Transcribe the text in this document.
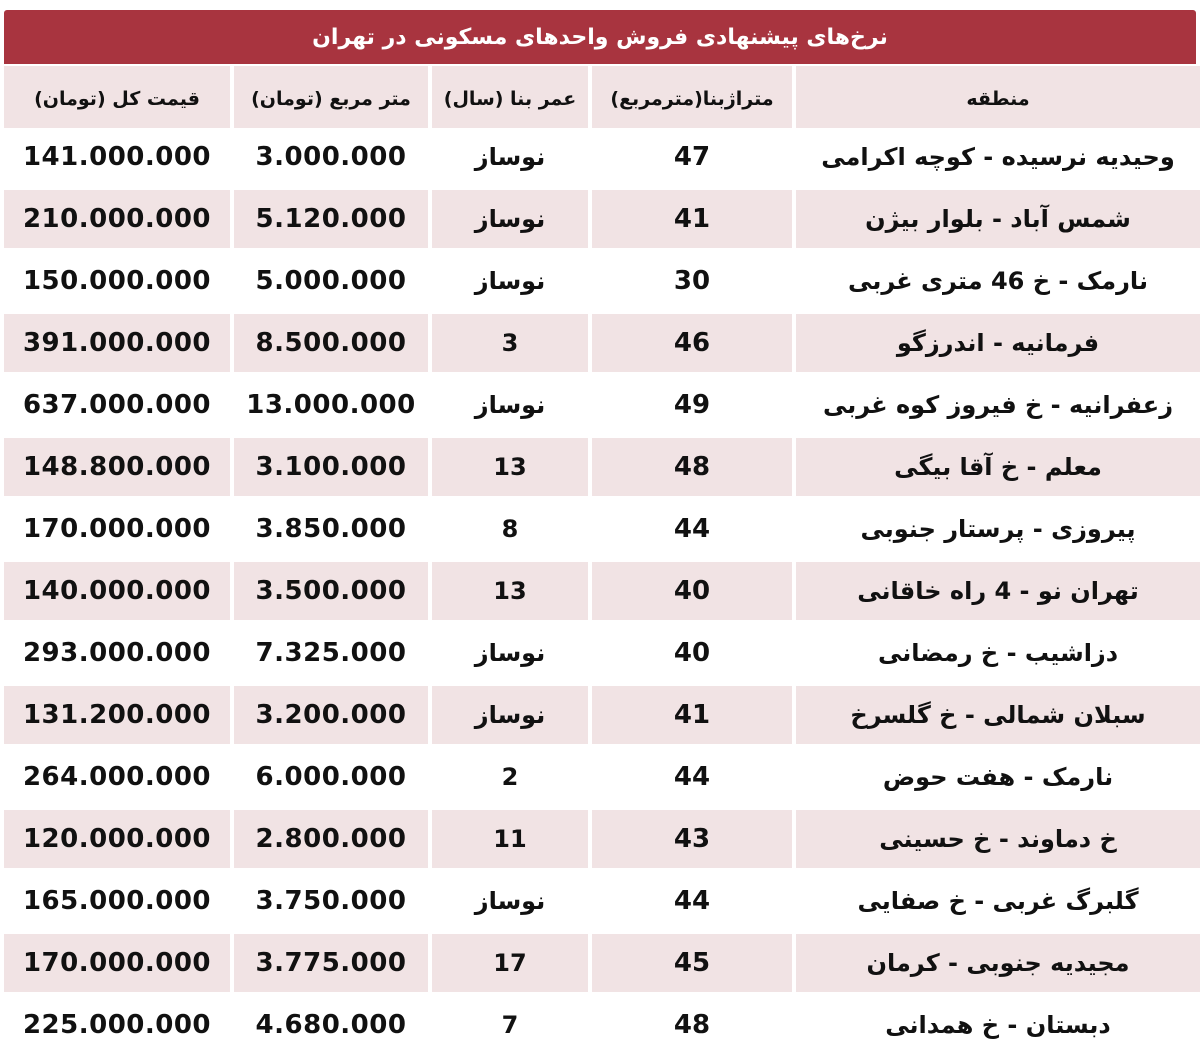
نرخ‌های پیشنهادی فروش واحدهای مسکونی در تهران
قیمت کل (تومان)	متر مربع (تومان)	عمر بنا (سال)	متراژبنا(مترمربع)	منطقه
141.000.000	3.000.000	نوساز	47	وحیدیه نرسیده - کوچه اکرامی
210.000.000	5.120.000	نوساز	41	شمس آباد - بلوار بیژن
150.000.000	5.000.000	نوساز	30	نارمک - خ 46 متری غربی
391.000.000	8.500.000	3	46	فرمانیه - اندرزگو
637.000.000	13.000.000	نوساز	49	زعفرانیه - خ فیروز کوه غربی
148.800.000	3.100.000	13	48	معلم - خ آقا بیگی
170.000.000	3.850.000	8	44	پیروزی - پرستار جنوبی
140.000.000	3.500.000	13	40	تهران نو - 4 راه خاقانی
293.000.000	7.325.000	نوساز	40	دزاشیب - خ رمضانی
131.200.000	3.200.000	نوساز	41	سبلان شمالی - خ گلسرخ
264.000.000	6.000.000	2	44	نارمک - هفت حوض
120.000.000	2.800.000	11	43	خ دماوند - خ حسینی
165.000.000	3.750.000	نوساز	44	گلبرگ غربی - خ صفایی
170.000.000	3.775.000	17	45	مجیدیه جنوبی - کرمان
225.000.000	4.680.000	7	48	دبستان - خ همدانی
